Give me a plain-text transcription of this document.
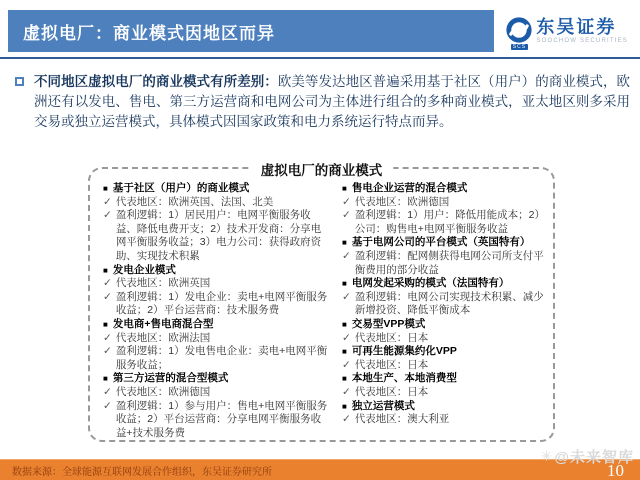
虚拟电厂：商业模式因地区而异
SCS
东吴证券
SOOCHOW SECURITIES
不同地区虚拟电厂的商业模式有所差别：欧美等发达地区普遍采用基于社区（用户）的商业模式，欧洲还有以发电、售电、第三方运营商和电网公司为主体进行组合的多种商业模式，亚太地区则多采用交易或独立运营模式，具体模式因国家政策和电力系统运行特点而异。
虚拟电厂的商业模式
■ 基于社区（用户）的商业模式
✓ 代表地区：欧洲英国、法国、北美
✓ 盈利逻辑：1）居民用户：电网平衡服务收益、降低电费开支；2）技术开发商：分享电网平衡服务收益；3）电力公司：获得政府资助、实现技术积累
■ 发电企业模式
✓ 代表地区：欧洲英国
✓ 盈利逻辑：1）发电企业：卖电+电网平衡服务收益；2）平台运营商：技术服务费
■ 发电商+售电商混合型
✓ 代表地区：欧洲法国
✓ 盈利逻辑：1）发电售电企业：卖电+电网平衡服务收益；
■ 第三方运营的混合型模式
✓ 代表地区：欧洲德国
✓ 盈利逻辑：1）参与用户：售电+电网平衡服务收益；2）平台运营商：分享电网平衡服务收益+技术服务费
■ 售电企业运营的混合模式
✓ 代表地区：欧洲德国
✓ 盈利逻辑：1）用户：降低用能成本；2）公司：购售电+电网平衡服务收益
■ 基于电网公司的平台模式（英国特有）
✓ 盈利逻辑：配网侧获得电网公司所支付平衡费用的部分收益
■ 电网发起采购的模式（法国特有）
✓ 盈利逻辑：电网公司实现技术积累、减少新增投资、降低平衡成本
■ 交易型VPP模式
✓ 代表地区：日本
■ 可再生能源集约化VPP
✓ 代表地区：日本
■ 本地生产、本地消费型
✓ 代表地区：日本
■ 独立运营模式
✓ 代表地区：澳大利亚
✳ @未来智库
数据来源：全球能源互联网发展合作组织，东吴证券研究所	10
